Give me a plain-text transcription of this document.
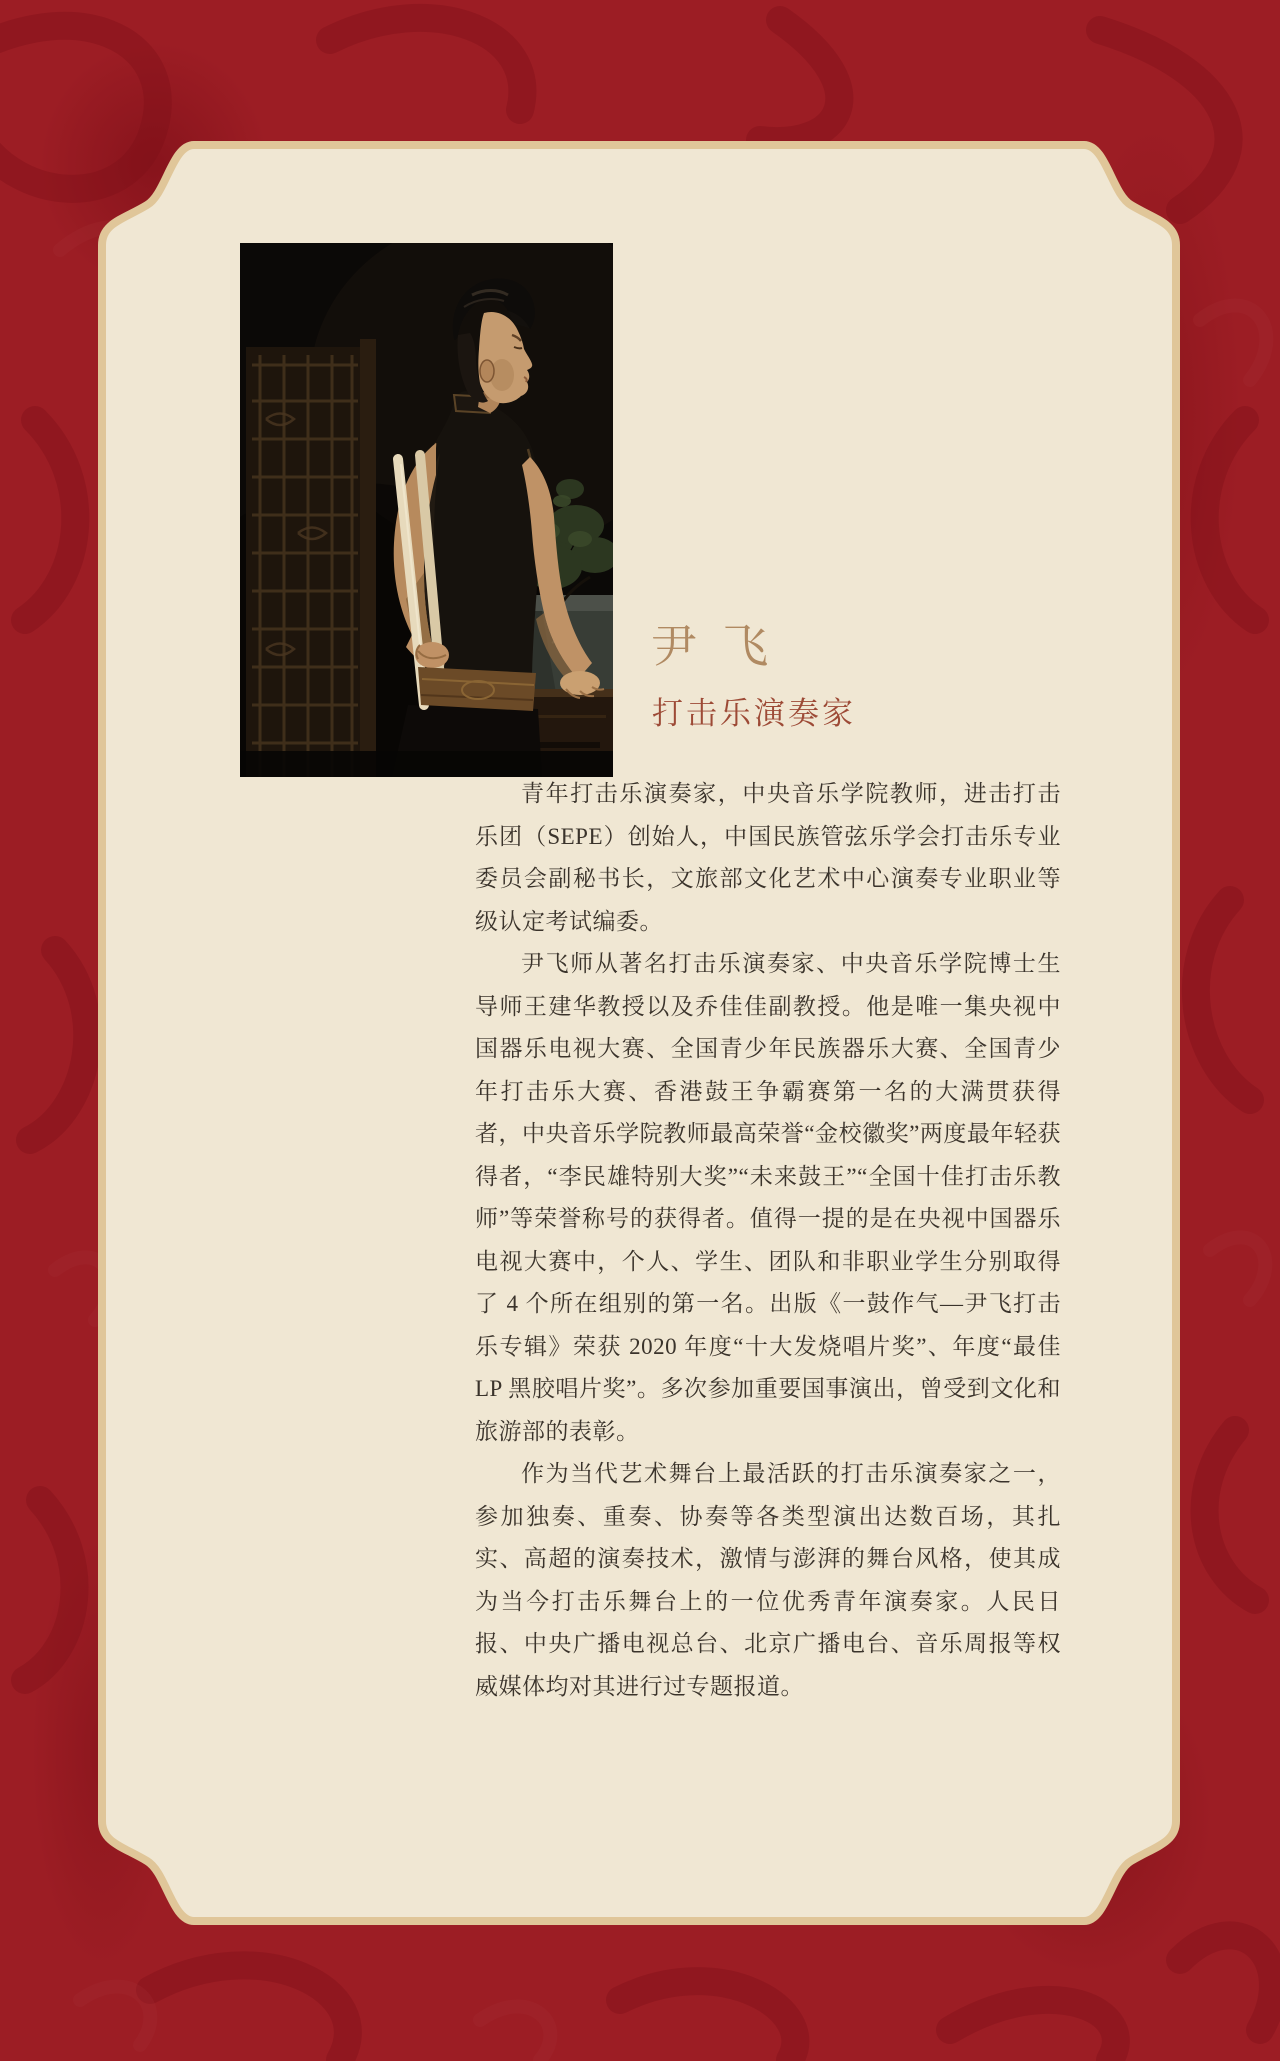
尹飞
打击乐演奏家

青年打击乐演奏家，中央音乐学院教师，进击打击乐团（SEPE）创始人，中国民族管弦乐学会打击乐专业委员会副秘书长，文旅部文化艺术中心演奏专业职业等级认定考试编委。

尹飞师从著名打击乐演奏家、中央音乐学院博士生导师王建华教授以及乔佳佳副教授。他是唯一集央视中国器乐电视大赛、全国青少年民族器乐大赛、全国青少年打击乐大赛、香港鼓王争霸赛第一名的大满贯获得者，中央音乐学院教师最高荣誉“金校徽奖”两度最年轻获得者，“李民雄特别大奖”“未来鼓王”“全国十佳打击乐教师”等荣誉称号的获得者。值得一提的是在央视中国器乐电视大赛中，个人、学生、团队和非职业学生分别取得了 4 个所在组别的第一名。出版《一鼓作气—尹飞打击乐专辑》荣获 2020 年度“十大发烧唱片奖”、年度“最佳 LP 黑胶唱片奖”。多次参加重要国事演出，曾受到文化和旅游部的表彰。

作为当代艺术舞台上最活跃的打击乐演奏家之一，参加独奏、重奏、协奏等各类型演出达数百场，其扎实、高超的演奏技术，激情与澎湃的舞台风格，使其成为当今打击乐舞台上的一位优秀青年演奏家。人民日报、中央广播电视总台、北京广播电台、音乐周报等权威媒体均对其进行过专题报道。
